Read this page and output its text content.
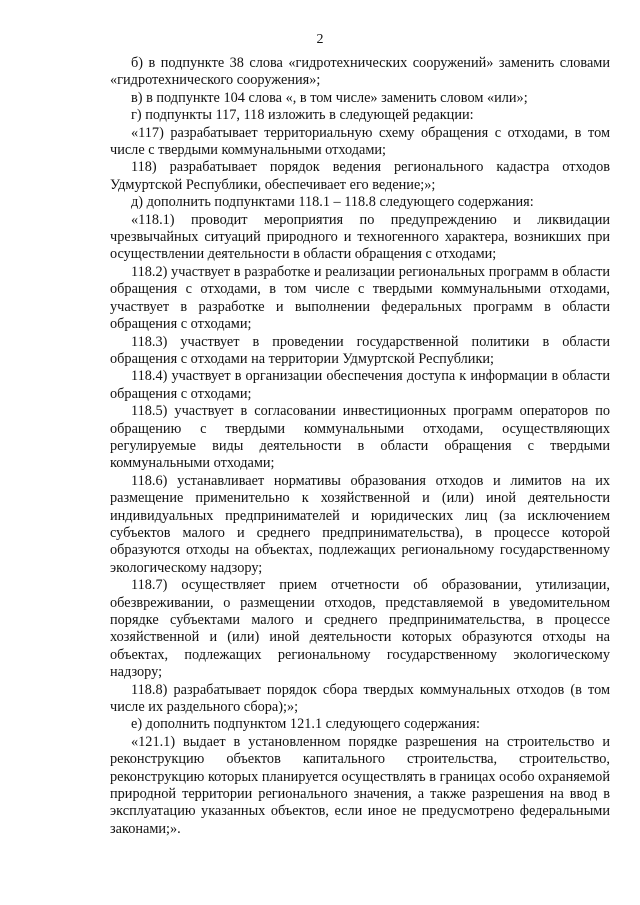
2

б) в подпункте 38 слова «гидротехнических сооружений» заменить словами «гидротехнического сооружения»;

в) в подпункте 104 слова «, в том числе» заменить словом «или»;

г) подпункты 117, 118 изложить в следующей редакции:

«117) разрабатывает территориальную схему обращения с отходами, в том числе с твердыми коммунальными отходами;

118) разрабатывает порядок ведения регионального кадастра отходов Удмуртской Республики, обеспечивает его ведение;»;

д) дополнить подпунктами 118.1 – 118.8 следующего содержания:

«118.1) проводит мероприятия по предупреждению и ликвидации чрезвычайных ситуаций природного и техногенного характера, возникших при осуществлении деятельности в области обращения с отходами;

118.2) участвует в разработке и реализации региональных программ в области обращения с отходами, в том числе с твердыми коммунальными отходами, участвует в разработке и выполнении федеральных программ в области обращения с отходами;

118.3) участвует в проведении государственной политики в области обращения с отходами на территории Удмуртской Республики;

118.4) участвует в организации обеспечения доступа к информации в области обращения с отходами;

118.5) участвует в согласовании инвестиционных программ операторов по обращению с твердыми коммунальными отходами, осуществляющих регулируемые виды деятельности в области обращения с твердыми коммунальными отходами;

118.6) устанавливает нормативы образования отходов и лимитов на их размещение применительно к хозяйственной и (или) иной деятельности индивидуальных предпринимателей и юридических лиц (за исключением субъектов малого и среднего предпринимательства), в процессе которой образуются отходы на объектах, подлежащих региональному государственному экологическому надзору;

118.7) осуществляет прием отчетности об образовании, утилизации, обезвреживании, о размещении отходов, представляемой в уведомительном порядке субъектами малого и среднего предпринимательства, в процессе хозяйственной и (или) иной деятельности которых образуются отходы на объектах, подлежащих региональному государственному экологическому надзору;

118.8) разрабатывает порядок сбора твердых коммунальных отходов (в том числе их раздельного сбора);»;

е) дополнить подпунктом 121.1 следующего содержания:

«121.1) выдает в установленном порядке разрешения на строительство и реконструкцию объектов капитального строительства, строительство, реконструкцию которых планируется осуществлять в границах особо охраняемой природной территории регионального значения, а также разрешения на ввод в эксплуатацию указанных объектов, если иное не предусмотрено федеральными законами;».
